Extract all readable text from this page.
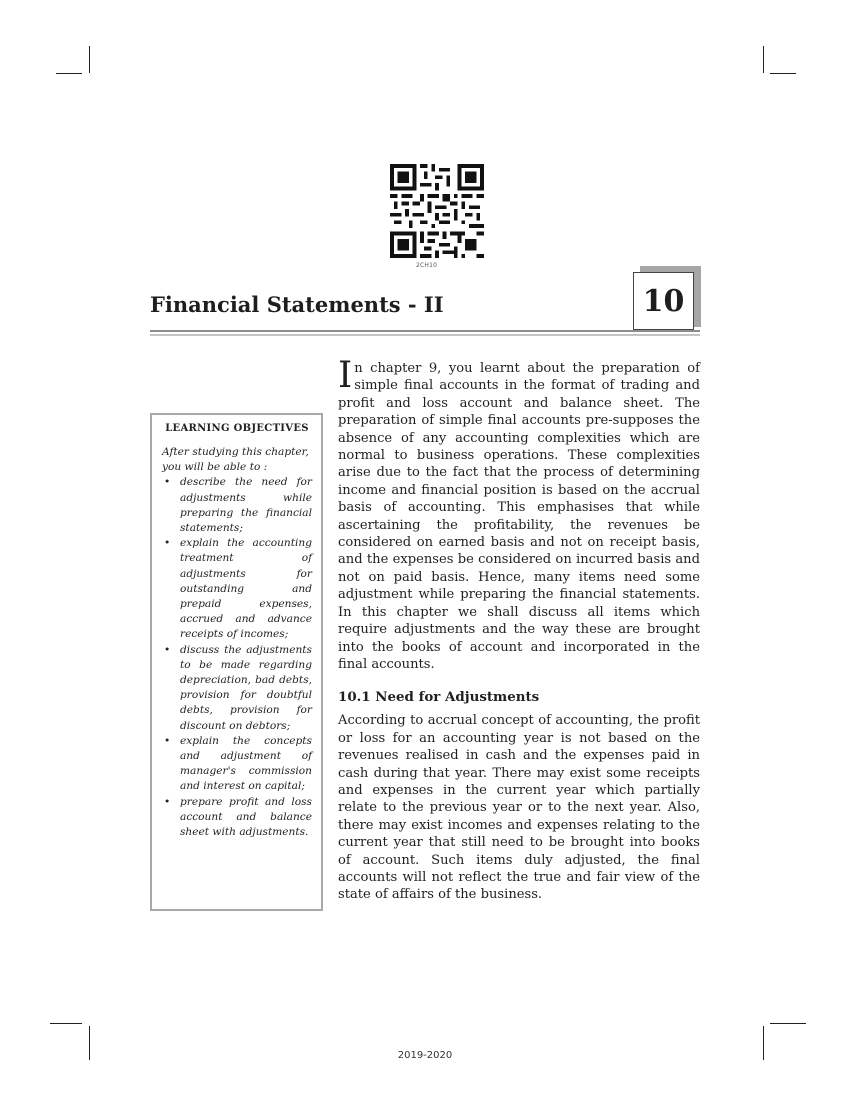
2CH10
Financial Statements - II	10

LEARNING OBJECTIVES

After studying this chapter, you will be able to :

• describe the need for adjustments while preparing the financial statements;
• explain the accounting treatment of adjustments for outstanding and prepaid expenses, accrued and advance receipts of incomes;
• discuss the adjustments to be made regarding depreciation, bad debts, provision for doubtful debts, provision for discount on debtors;
• explain the concepts and adjustment of manager's commission and interest on capital;
• prepare profit and loss account and balance sheet with adjustments.

In chapter 9, you learnt about the preparation of simple final accounts in the format of trading and profit and loss account and balance sheet. The preparation of simple final accounts pre-supposes the absence of any accounting complexities which are normal to business operations. These complexities arise due to the fact that the process of determining income and financial position is based on the accrual basis of accounting. This emphasises that while ascertaining the profitability, the revenues be considered on earned basis and not on receipt basis, and the expenses be considered on incurred basis and not on paid basis. Hence, many items need some adjustment while preparing the financial statements. In this chapter we shall discuss all items which require adjustments and the way these are brought into the books of account and incorporated in the final accounts.

10.1 Need for Adjustments

According to accrual concept of accounting, the profit or loss for an accounting year is not based on the revenues realised in cash and the expenses paid in cash during that year. There may exist some receipts and expenses in the current year which partially relate to the previous year or to the next year. Also, there may exist incomes and expenses relating to the current year that still need to be brought into books of account. Such items duly adjusted, the final accounts will not reflect the true and fair view of the state of affairs of the business.

2019-2020
